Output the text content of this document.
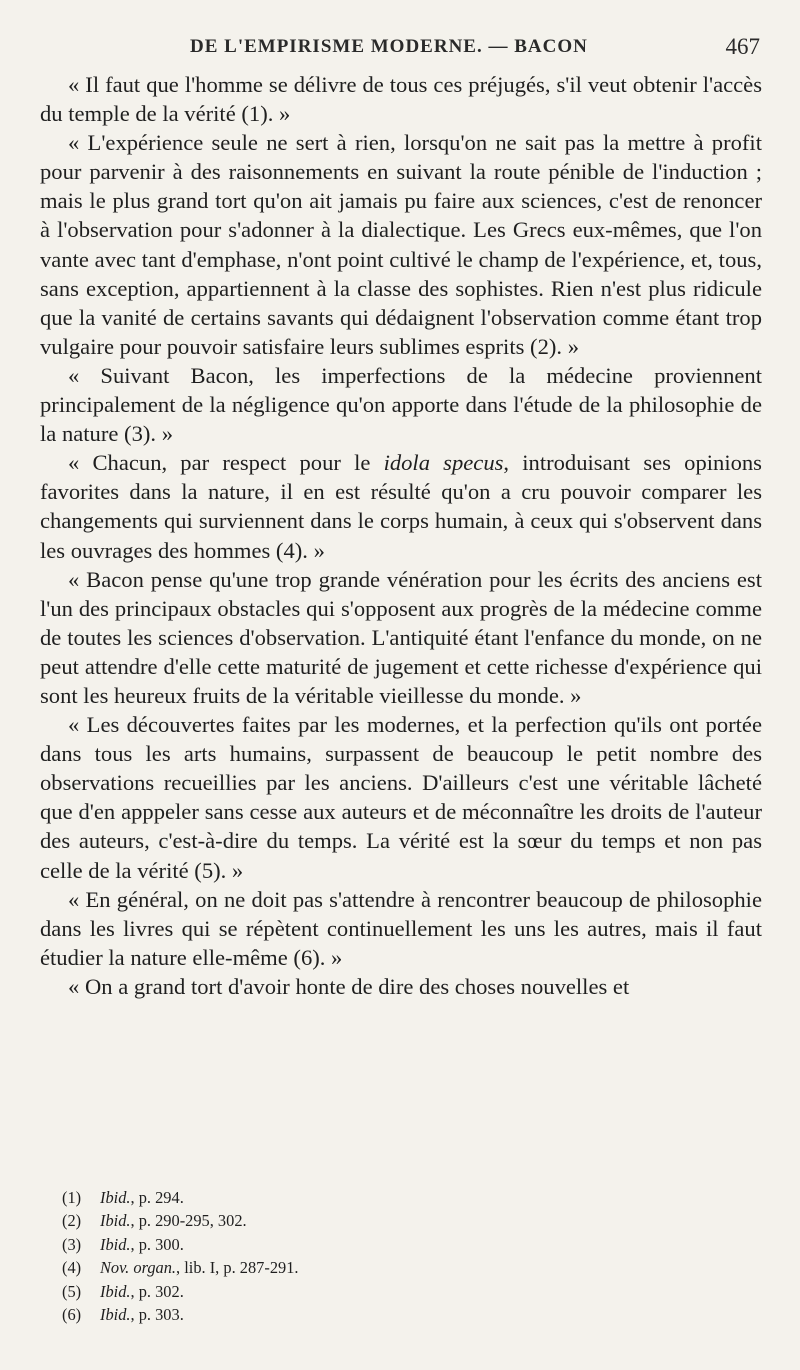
DE L'EMPIRISME MODERNE. — BACON	467

« Il faut que l'homme se délivre de tous ces préjugés, s'il veut obtenir l'accès du temple de la vérité (1). »

« L'expérience seule ne sert à rien, lorsqu'on ne sait pas la mettre à profit pour parvenir à des raisonnements en suivant la route pénible de l'induction ; mais le plus grand tort qu'on ait jamais pu faire aux sciences, c'est de renoncer à l'observation pour s'adonner à la dialectique. Les Grecs eux-mêmes, que l'on vante avec tant d'emphase, n'ont point cultivé le champ de l'expérience, et, tous, sans exception, appartiennent à la classe des sophistes. Rien n'est plus ridicule que la vanité de certains savants qui dédaignent l'observation comme étant trop vulgaire pour pouvoir satisfaire leurs sublimes esprits (2). »

« Suivant Bacon, les imperfections de la médecine proviennent principalement de la négligence qu'on apporte dans l'étude de la philosophie de la nature (3). »

« Chacun, par respect pour le idola specus, introduisant ses opinions favorites dans la nature, il en est résulté qu'on a cru pouvoir comparer les changements qui surviennent dans le corps humain, à ceux qui s'observent dans les ouvrages des hommes (4). »

« Bacon pense qu'une trop grande vénération pour les écrits des anciens est l'un des principaux obstacles qui s'opposent aux progrès de la médecine comme de toutes les sciences d'observation. L'antiquité étant l'enfance du monde, on ne peut attendre d'elle cette maturité de jugement et cette richesse d'expérience qui sont les heureux fruits de la véritable vieillesse du monde. »

« Les découvertes faites par les modernes, et la perfection qu'ils ont portée dans tous les arts humains, surpassent de beaucoup le petit nombre des observations recueillies par les anciens. D'ailleurs c'est une véritable lâcheté que d'en apppeler sans cesse aux auteurs et de méconnaître les droits de l'auteur des auteurs, c'est-à-dire du temps. La vérité est la sœur du temps et non pas celle de la vérité (5). »

« En général, on ne doit pas s'attendre à rencontrer beaucoup de philosophie dans les livres qui se répètent continuellement les uns les autres, mais il faut étudier la nature elle-même (6). »

« On a grand tort d'avoir honte de dire des choses nouvelles et

(1) Ibid., p. 294.

(2) Ibid., p. 290-295, 302.

(3) Ibid., p. 300.

(4) Nov. organ., lib. I, p. 287-291.

(5) Ibid., p. 302.

(6) Ibid., p. 303.
